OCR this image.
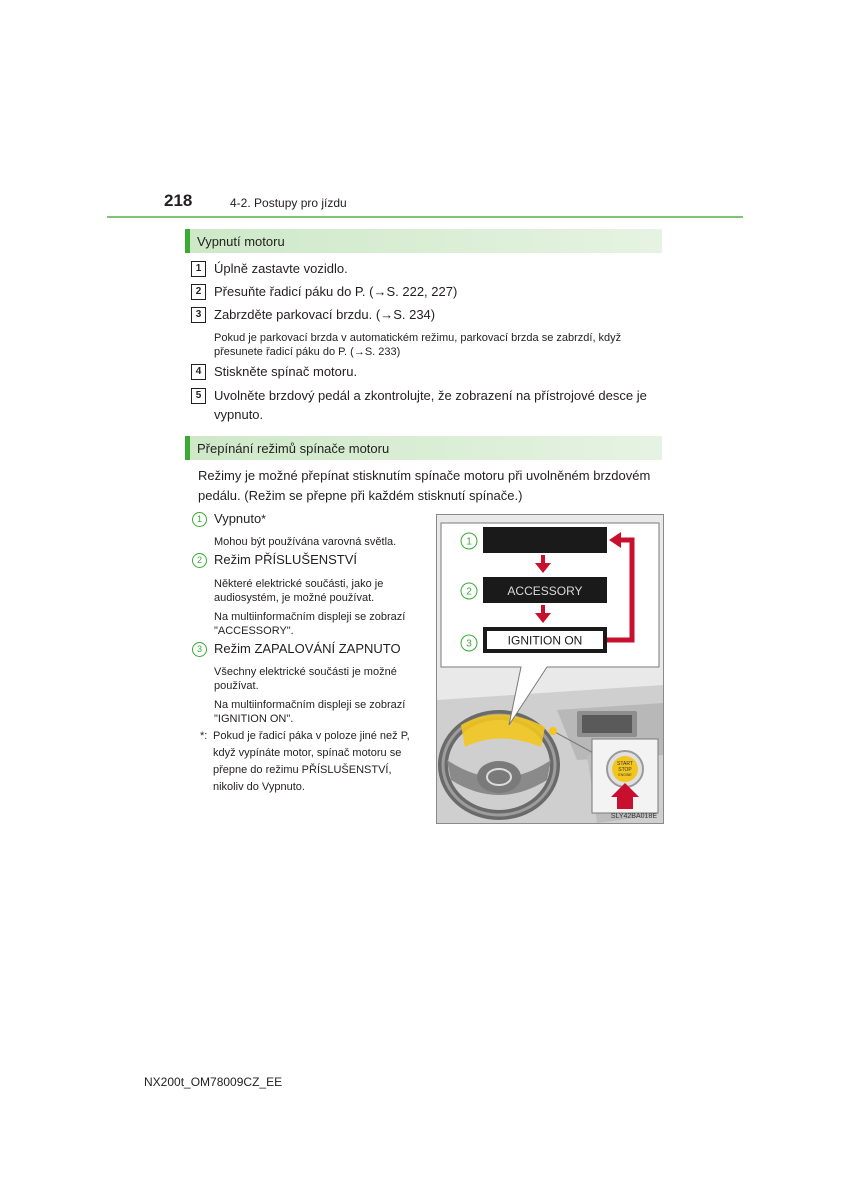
218	4-2. Postupy pro jízdu
Vypnutí motoru
1 Úplně zastavte vozidlo.
2 Přesuňte řadicí páku do P. (→S. 222, 227)
3 Zabrzděte parkovací brzdu. (→S. 234)
Pokud je parkovací brzda v automatickém režimu, parkovací brzda se zabrzdí, když přesunete řadicí páku do P. (→S. 233)
4 Stiskněte spínač motoru.
5 Uvolněte brzdový pedál a zkontrolujte, že zobrazení na přístrojové desce je vypnuto.
Přepínání režimů spínače motoru
Režimy je možné přepínat stisknutím spínače motoru při uvolněném brzdovém pedálu. (Režim se přepne při každém stisknutí spínače.)
1 Vypnuto*
Mohou být používána varovná světla.
2 Režim PŘÍSLUŠENSTVÍ
Některé elektrické součásti, jako je audiosystém, je možné používat.
Na multiinformačním displeji se zobrazí "ACCESSORY".
3 Režim ZAPALOVÁNÍ ZAPNUTO
Všechny elektrické součásti je možné používat.
Na multiinformačním displeji se zobrazí "IGNITION ON".
*: Pokud je řadicí páka v poloze jiné než P, když vypínáte motor, spínač motoru se přepne do režimu PŘÍSLUŠENSTVÍ, nikoliv do Vypnuto.
1
2
3
ACCESSORY
IGNITION ON
START
STOP
ENGINE
SLY42BA018E
NX200t_OM78009CZ_EE
